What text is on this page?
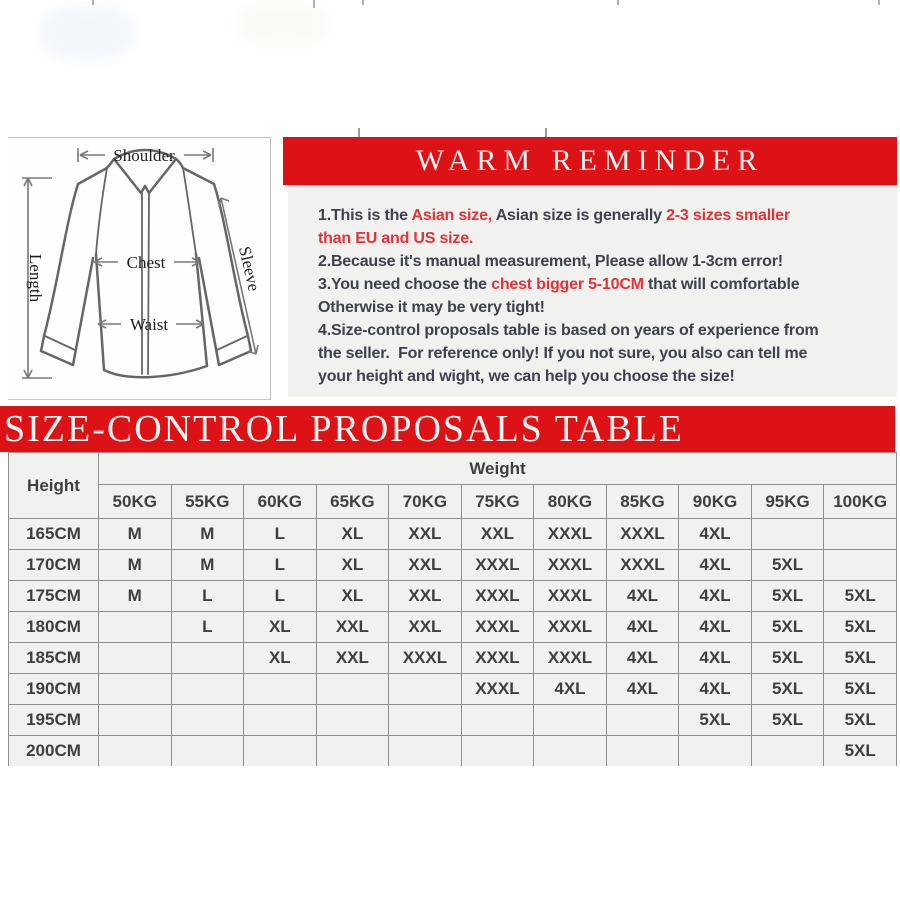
Shoulder
Length	Chest
Waist
Sleeve
WARM REMINDER
1.This is the Asian size, Asian size is generally 2-3 sizes smaller
than EU and US size.
2.Because it's manual measurement, Please allow 1-3cm error!
3.You need choose the chest bigger 5-10CM that will comfortable
Otherwise it may be very tight!
4.Size-control proposals table is based on years of experience from
the seller.  For reference only! If you not sure, you also can tell me
your height and wight, we can help you choose the size!
SIZE-CONTROL PROPOSALS TABLE
Height	Weight										
	50KG	55KG	60KG	65KG	70KG	75KG	80KG	85KG	90KG	95KG	100KG
165CM	M	M	L	XL	XXL	XXL	XXXL	XXXL	4XL		
170CM	M	M	L	XL	XXL	XXXL	XXXL	XXXL	4XL	5XL	
175CM	M	L	L	XL	XXL	XXXL	XXXL	4XL	4XL	5XL	5XL
180CM		L	XL	XXL	XXL	XXXL	XXXL	4XL	4XL	5XL	5XL
185CM			XL	XXL	XXXL	XXXL	XXXL	4XL	4XL	5XL	5XL
190CM						XXXL	4XL	4XL	4XL	5XL	5XL
195CM									5XL	5XL	5XL
200CM											5XL
